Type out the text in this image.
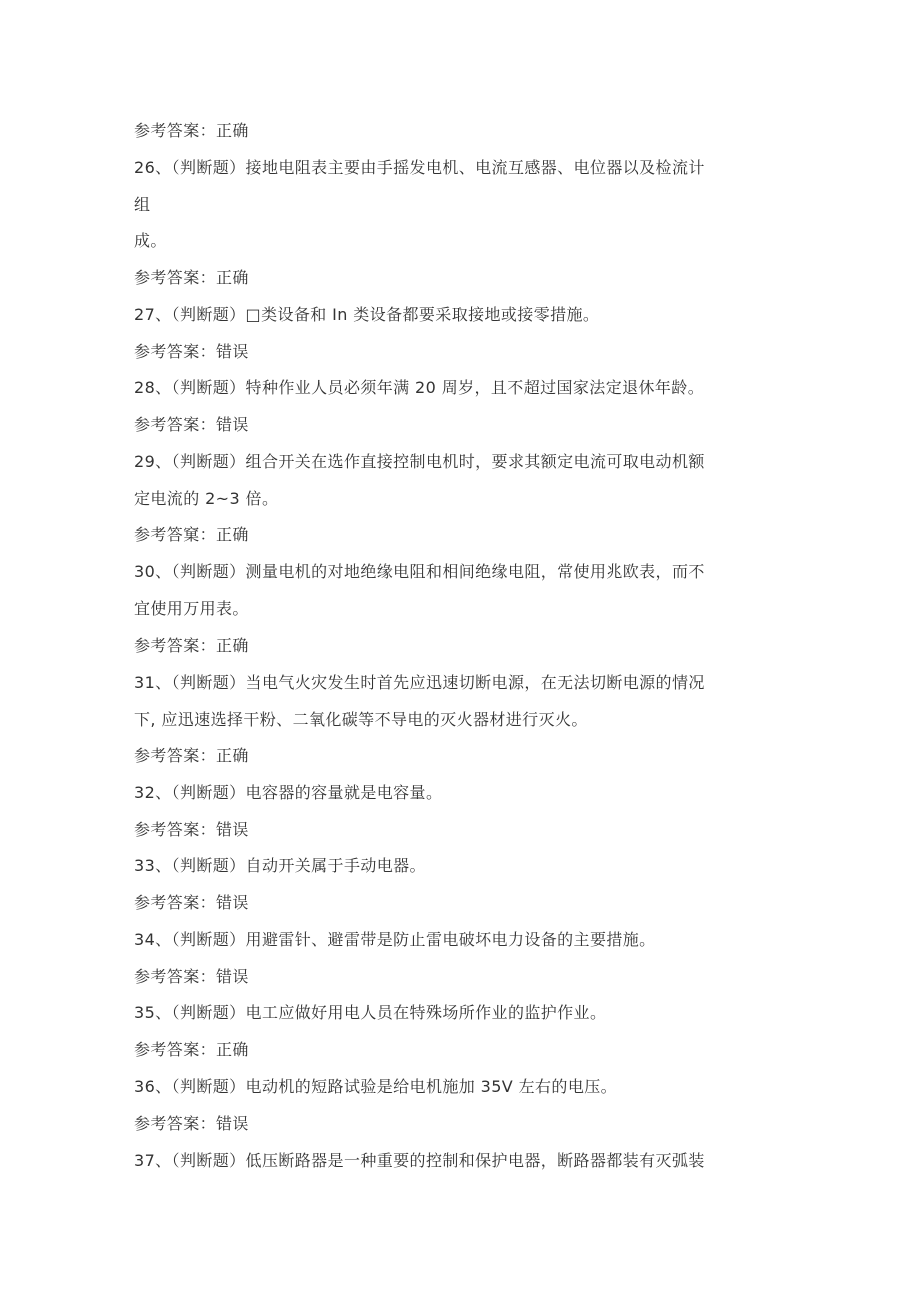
参考答案：正确
26、（判断题）接地电阻表主要由手摇发电机、电流互感器、电位器以及检流计
组
成。
参考答案：正确
27、（判断题）□类设备和 In 类设备都要采取接地或接零措施。
参考答案：错误
28、（判断题）特种作业人员必须年满 20 周岁，且不超过国家法定退休年龄。
参考答案：错误
29、（判断题）组合开关在选作直接控制电机时，要求其额定电流可取电动机额
定电流的 2~3 倍。
参考答窠：正确
30、（判断题）测量电机的对地绝缘电阻和相间绝缘电阻，常使用兆欧表，而不
宜使用万用表。
参考答案：正确
31、（判断题）当电气火灾发生时首先应迅速切断电源，在无法切断电源的情况
下, 应迅速选择干粉、二氧化碳等不导电的灭火器材进行灭火。
参考答案：正确
32、（判断题）电容器的容量就是电容量。
参考答案：错误
33、（判断题）自动开关属于手动电器。
参考答案：错误
34、（判断题）用避雷针、避雷带是防止雷电破坏电力设备的主要措施。
参考答案：错误
35、（判断题）电工应做好用电人员在特殊场所作业的监护作业。
参考答案：正确
36、（判断题）电动机的短路试验是给电机施加 35V 左右的电压。
参考答案：错误
37、（判断题）低压断路器是一种重要的控制和保护电器，断路器都装有灭弧装
